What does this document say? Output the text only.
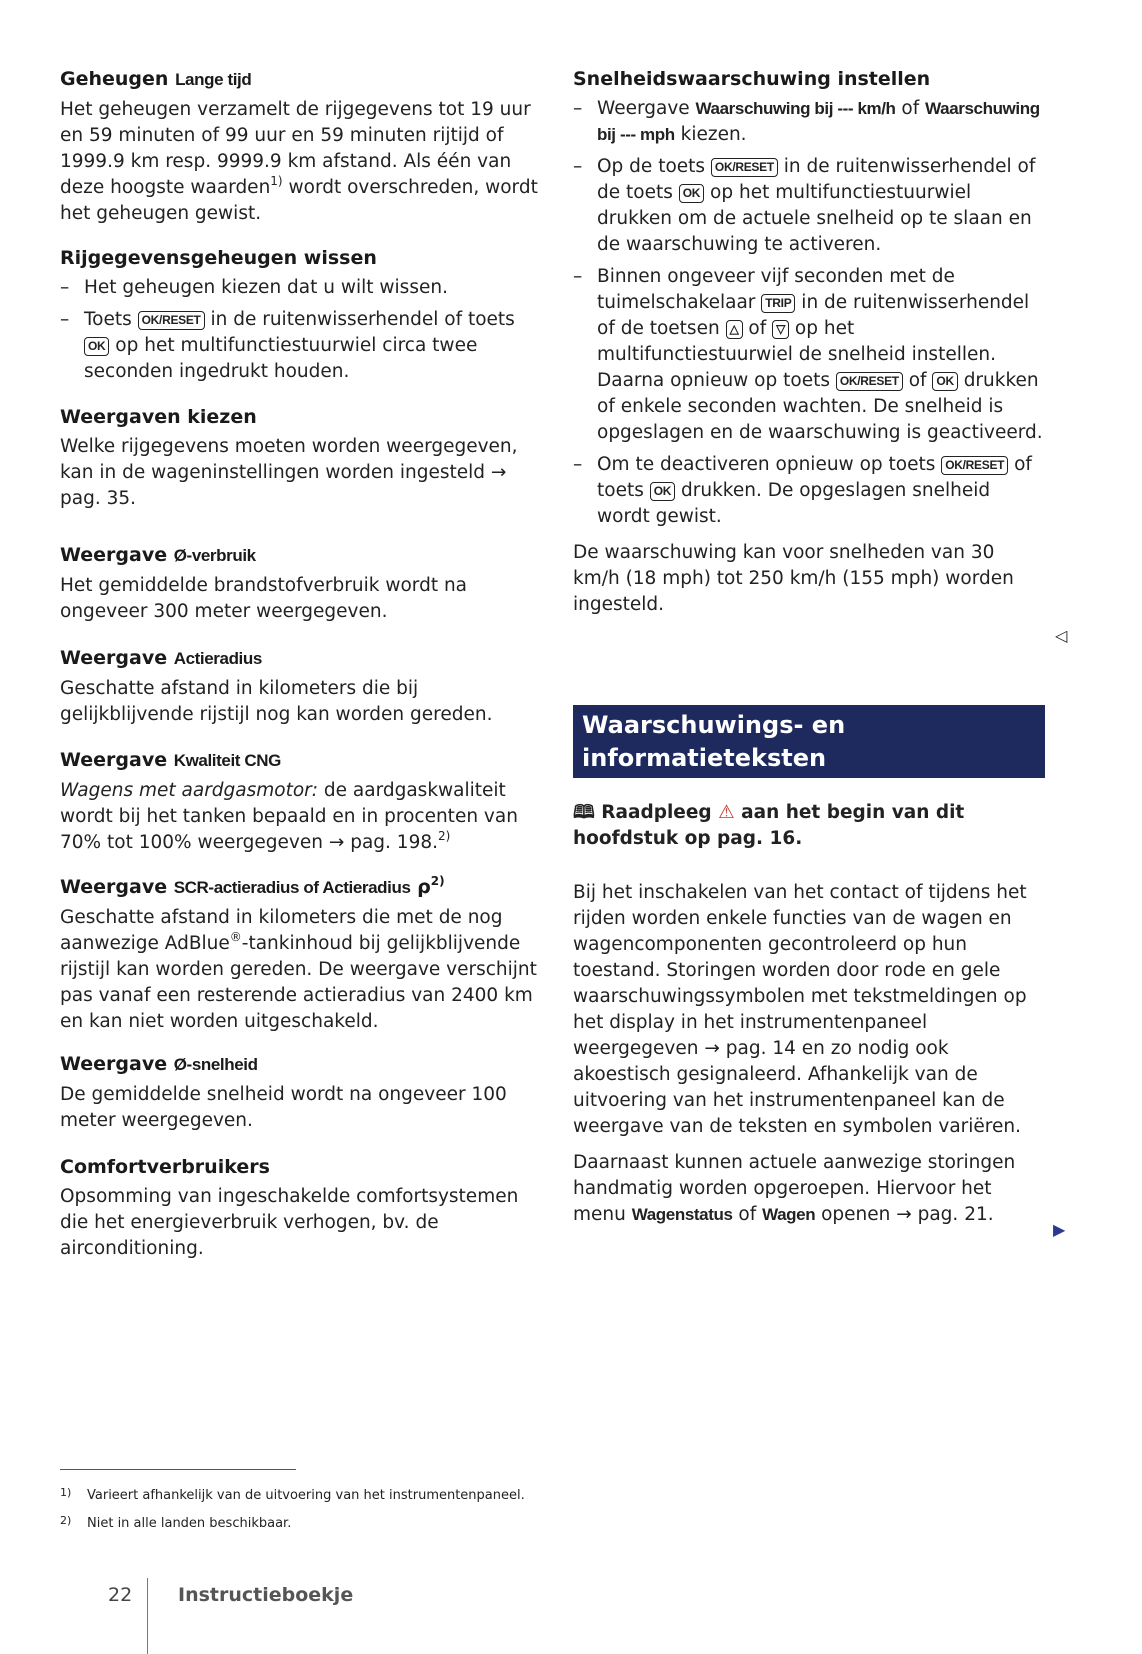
Geheugen Lange tijd

Het geheugen verzamelt de rijgegevens tot 19 uur en 59 minuten of 99 uur en 59 minuten rijtijd of 1999.9 km resp. 9999.9 km afstand. Als één van deze hoogste waarden$^{1)}$ wordt overschreden, wordt het geheugen gewist.

Rijgegevensgeheugen wissen
– Het geheugen kiezen dat u wilt wissen.
– Toets OK/RESET in de ruitenwisserhendel of toets OK op het multifunctiestuurwiel circa twee seconden ingedrukt houden.
Weergaven kiezen

Welke rijgegevens moeten worden weergegeven, kan in de wageninstellingen worden ingesteld → pag. 35.

Weergave Ø-verbruik

Het gemiddelde brandstofverbruik wordt na ongeveer 300 meter weergegeven.

Weergave Actieradius

Geschatte afstand in kilometers die bij gelijkblijvende rijstijl nog kan worden gereden.

Weergave Kwaliteit CNG

Wagens met aardgasmotor: de aardgaskwaliteit wordt bij het tanken bepaald en in procenten van 70% tot 100% weergegeven → pag. 198.$^{2)}$

Weergave SCR-actieradius of Actieradius ⍴$^{2)}$

Geschatte afstand in kilometers die met de nog aanwezige AdBlue®-tankinhoud bij gelijkblijvende rijstijl kan worden gereden. De weergave verschijnt pas vanaf een resterende actieradius van 2400 km en kan niet worden uitgeschakeld.

Weergave Ø-snelheid

De gemiddelde snelheid wordt na ongeveer 100 meter weergegeven.

Comfortverbruikers

Opsomming van ingeschakelde comfortsystemen die het energieverbruik verhogen, bv. de airconditioning.

Snelheidswaarschuwing instellen
– Weergave Waarschuwing bij --- km/h of Waarschuwing bij --- mph kiezen.
– Op de toets OK/RESET in de ruitenwisserhendel of de toets OK op het multifunctiestuurwiel drukken om de actuele snelheid op te slaan en de waarschuwing te activeren.
– Binnen ongeveer vijf seconden met de tuimelschakelaar TRIP in de ruitenwisserhendel of de toetsen △ of ▽ op het multifunctiestuurwiel de snelheid instellen. Daarna opnieuw op toets OK/RESET of OK drukken of enkele seconden wachten. De snelheid is opgeslagen en de waarschuwing is geactiveerd.
– Om te deactiveren opnieuw op toets OK/RESET of toets OK drukken. De opgeslagen snelheid wordt gewist.

De waarschuwing kan voor snelheden van 30 km/h (18 mph) tot 250 km/h (155 mph) worden ingesteld.

◁
Waarschuwings- en
informatieteksten

🕮 Raadpleeg ⚠ aan het begin van dit hoofdstuk op pag. 16.

Bij het inschakelen van het contact of tijdens het rijden worden enkele functies van de wagen en wagencomponenten gecontroleerd op hun toestand. Storingen worden door rode en gele waarschuwingssymbolen met tekstmeldingen op het display in het instrumentenpaneel weergegeven → pag. 14 en zo nodig ook akoestisch gesignaleerd. Afhankelijk van de uitvoering van het instrumentenpaneel kan de weergave van de teksten en symbolen variëren.

Daarnaast kunnen actuele aanwezige storingen handmatig worden opgeroepen. Hiervoor het menu Wagenstatus of Wagen openen → pag. 21.

▶
1) Varieert afhankelijk van de uitvoering van het instrumentenpaneel.
2) Niet in alle landen beschikbaar.
22 Instructieboekje
